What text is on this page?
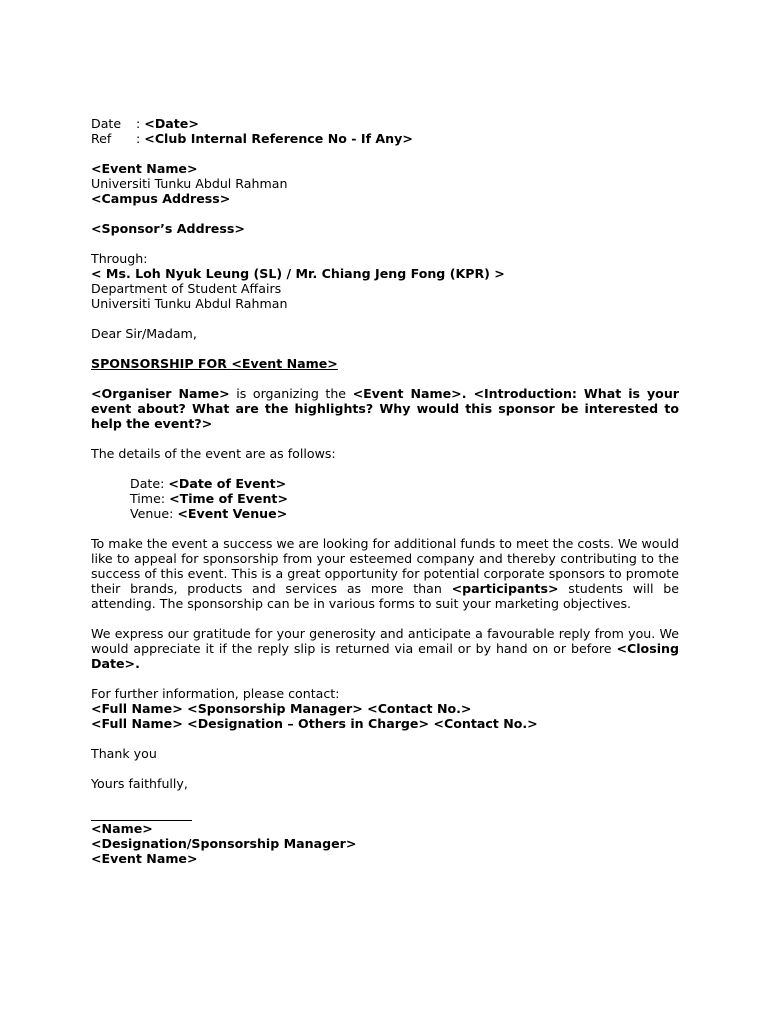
Date : <Date>
Ref : <Club Internal Reference No - If Any>
<Event Name>
Universiti Tunku Abdul Rahman
<Campus Address>
<Sponsor’s Address>
Through:
< Ms. Loh Nyuk Leung (SL) / Mr. Chiang Jeng Fong (KPR) >
Department of Student Affairs
Universiti Tunku Abdul Rahman
Dear Sir/Madam,
SPONSORSHIP FOR <Event Name>
<Organiser Name> is organizing the <Event Name>. <Introduction: What is your event about? What are the highlights? Why would this sponsor be interested to help the event?>
The details of the event are as follows:
Date: <Date of Event>
Time: <Time of Event>
Venue: <Event Venue>
To make the event a success we are looking for additional funds to meet the costs. We would like to appeal for sponsorship from your esteemed company and thereby contributing to the success of this event. This is a great opportunity for potential corporate sponsors to promote their brands, products and services as more than <participants> students will be attending. The sponsorship can be in various forms to suit your marketing objectives.
We express our gratitude for your generosity and anticipate a favourable reply from you. We would appreciate it if the reply slip is returned via email or by hand on or before <Closing Date>.
For further information, please contact:
<Full Name> <Sponsorship Manager> <Contact No.>
<Full Name> <Designation – Others in Charge> <Contact No.>
Thank you
Yours faithfully,
<Name>
<Designation/Sponsorship Manager>
<Event Name>
